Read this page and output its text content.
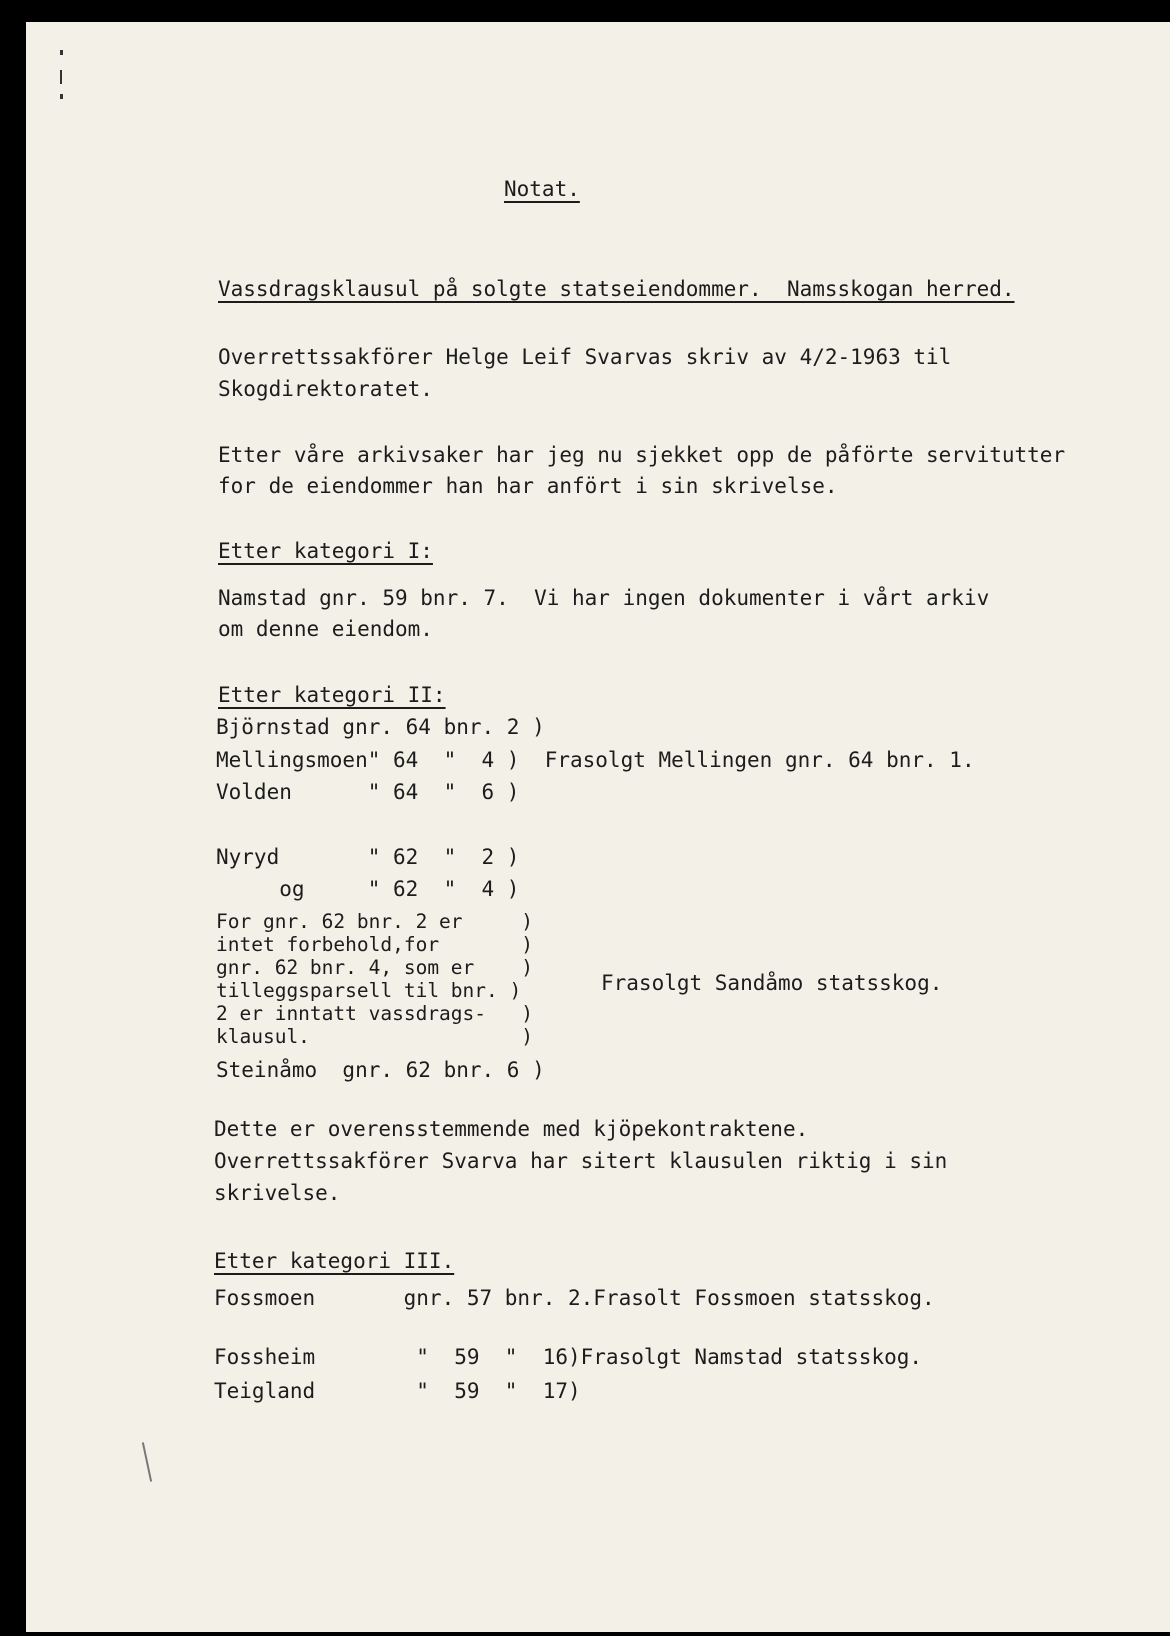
Notat.
Vassdragsklausul på solgte statseiendommer.  Namsskogan herred.
Overrettssakförer Helge Leif Svarvas skriv av 4/2-1963 til
Skogdirektoratet.
Etter våre arkivsaker har jeg nu sjekket opp de påförte servitutter
for de eiendommer han har anfört i sin skrivelse.
Etter kategori I:
Namstad gnr. 59 bnr. 7.  Vi har ingen dokumenter i vårt arkiv
om denne eiendom.
Etter kategori II:
Björnstad gnr. 64 bnr. 2 )
Mellingsmoen" 64  "  4 )  Frasolgt Mellingen gnr. 64 bnr. 1.
Volden      " 64  "  6 )
Nyryd       " 62  "  2 )
og     " 62  "  4 )
For gnr. 62 bnr. 2 er     )
intet forbehold,for       )
gnr. 62 bnr. 4, som er    )
tilleggsparsell til bnr. )
2 er inntatt vassdrags-   )
klausul.                  )
Frasolgt Sandåmo statsskog.
Steinåmo  gnr. 62 bnr. 6 )
Dette er overensstemmende med kjöpekontraktene.
Overrettssakförer Svarva har sitert klausulen riktig i sin
skrivelse.
Etter kategori III.
Fossmoen       gnr. 57 bnr. 2.Frasolt Fossmoen statsskog.
Fossheim        "  59  "  16)Frasolgt Namstad statsskog.
Teigland        "  59  "  17)
